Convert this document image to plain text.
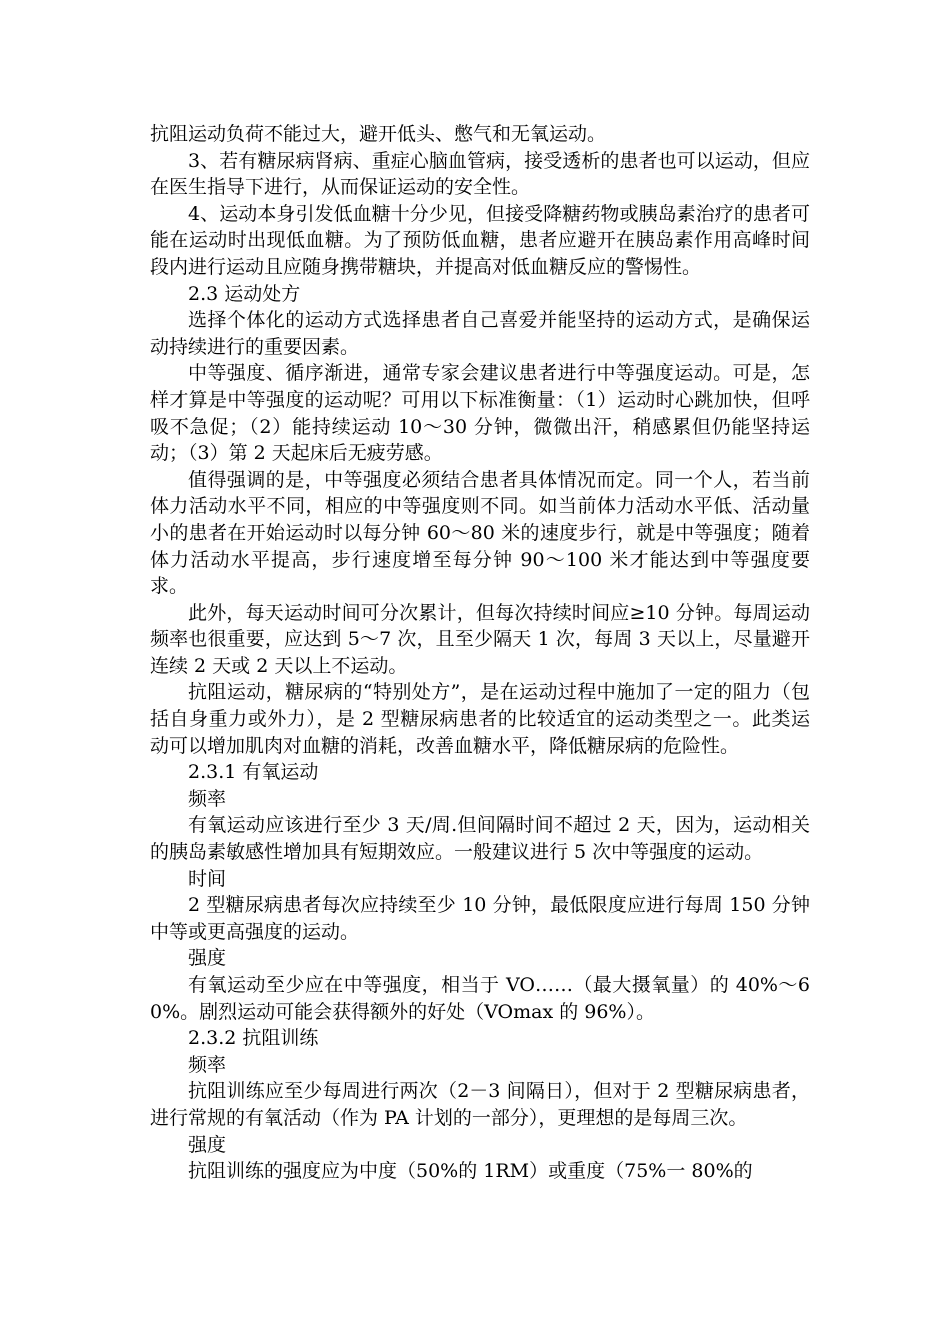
抗阻运动负荷不能过大，避开低头、憋气和无氧运动。

3、若有糖尿病肾病、重症心脑血管病，接受透析的患者也可以运动，但应在医生指导下进行，从而保证运动的安全性。

4、运动本身引发低血糖十分少见，但接受降糖药物或胰岛素治疗的患者可能在运动时出现低血糖。为了预防低血糖，患者应避开在胰岛素作用高峰时间段内进行运动且应随身携带糖块，并提高对低血糖反应的警惕性。

2.3 运动处方

选择个体化的运动方式选择患者自己喜爱并能坚持的运动方式，是确保运动持续进行的重要因素。

中等强度、循序渐进，通常专家会建议患者进行中等强度运动。可是，怎样才算是中等强度的运动呢？可用以下标准衡量：（1）运动时心跳加快，但呼吸不急促；（2）能持续运动 10～30 分钟，微微出汗，稍感累但仍能坚持运动；（3）第 2 天起床后无疲劳感。

值得强调的是，中等强度必须结合患者具体情况而定。同一个人，若当前体力活动水平不同，相应的中等强度则不同。如当前体力活动水平低、活动量小的患者在开始运动时以每分钟 60～80 米的速度步行，就是中等强度；随着体力活动水平提高，步行速度增至每分钟 90～100 米才能达到中等强度要求。

此外，每天运动时间可分次累计，但每次持续时间应≥10 分钟。每周运动频率也很重要，应达到 5～7 次，且至少隔天 1 次，每周 3 天以上，尽量避开连续 2 天或 2 天以上不运动。

抗阻运动，糖尿病的“特别处方”，是在运动过程中施加了一定的阻力（包括自身重力或外力），是 2 型糖尿病患者的比较适宜的运动类型之一。此类运动可以增加肌肉对血糖的消耗，改善血糖水平，降低糖尿病的危险性。

2.3.1 有氧运动

频率

有氧运动应该进行至少 3 天/周.但间隔时间不超过 2 天，因为，运动相关的胰岛素敏感性增加具有短期效应。一般建议进行 5 次中等强度的运动。

时间

2 型糖尿病患者每次应持续至少 10 分钟，最低限度应进行每周 150 分钟中等或更高强度的运动。

强度

有氧运动至少应在中等强度，相当于 VO……（最大摄氧量）的 40%～60%。剧烈运动可能会获得额外的好处（VOmax 的 96%）。

2.3.2 抗阻训练

频率

抗阻训练应至少每周进行两次（2－3 间隔日），但对于 2 型糖尿病患者，进行常规的有氧活动（作为 PA 计划的一部分），更理想的是每周三次。

强度

抗阻训练的强度应为中度（50%的 1RM）或重度（75%一 80%的
